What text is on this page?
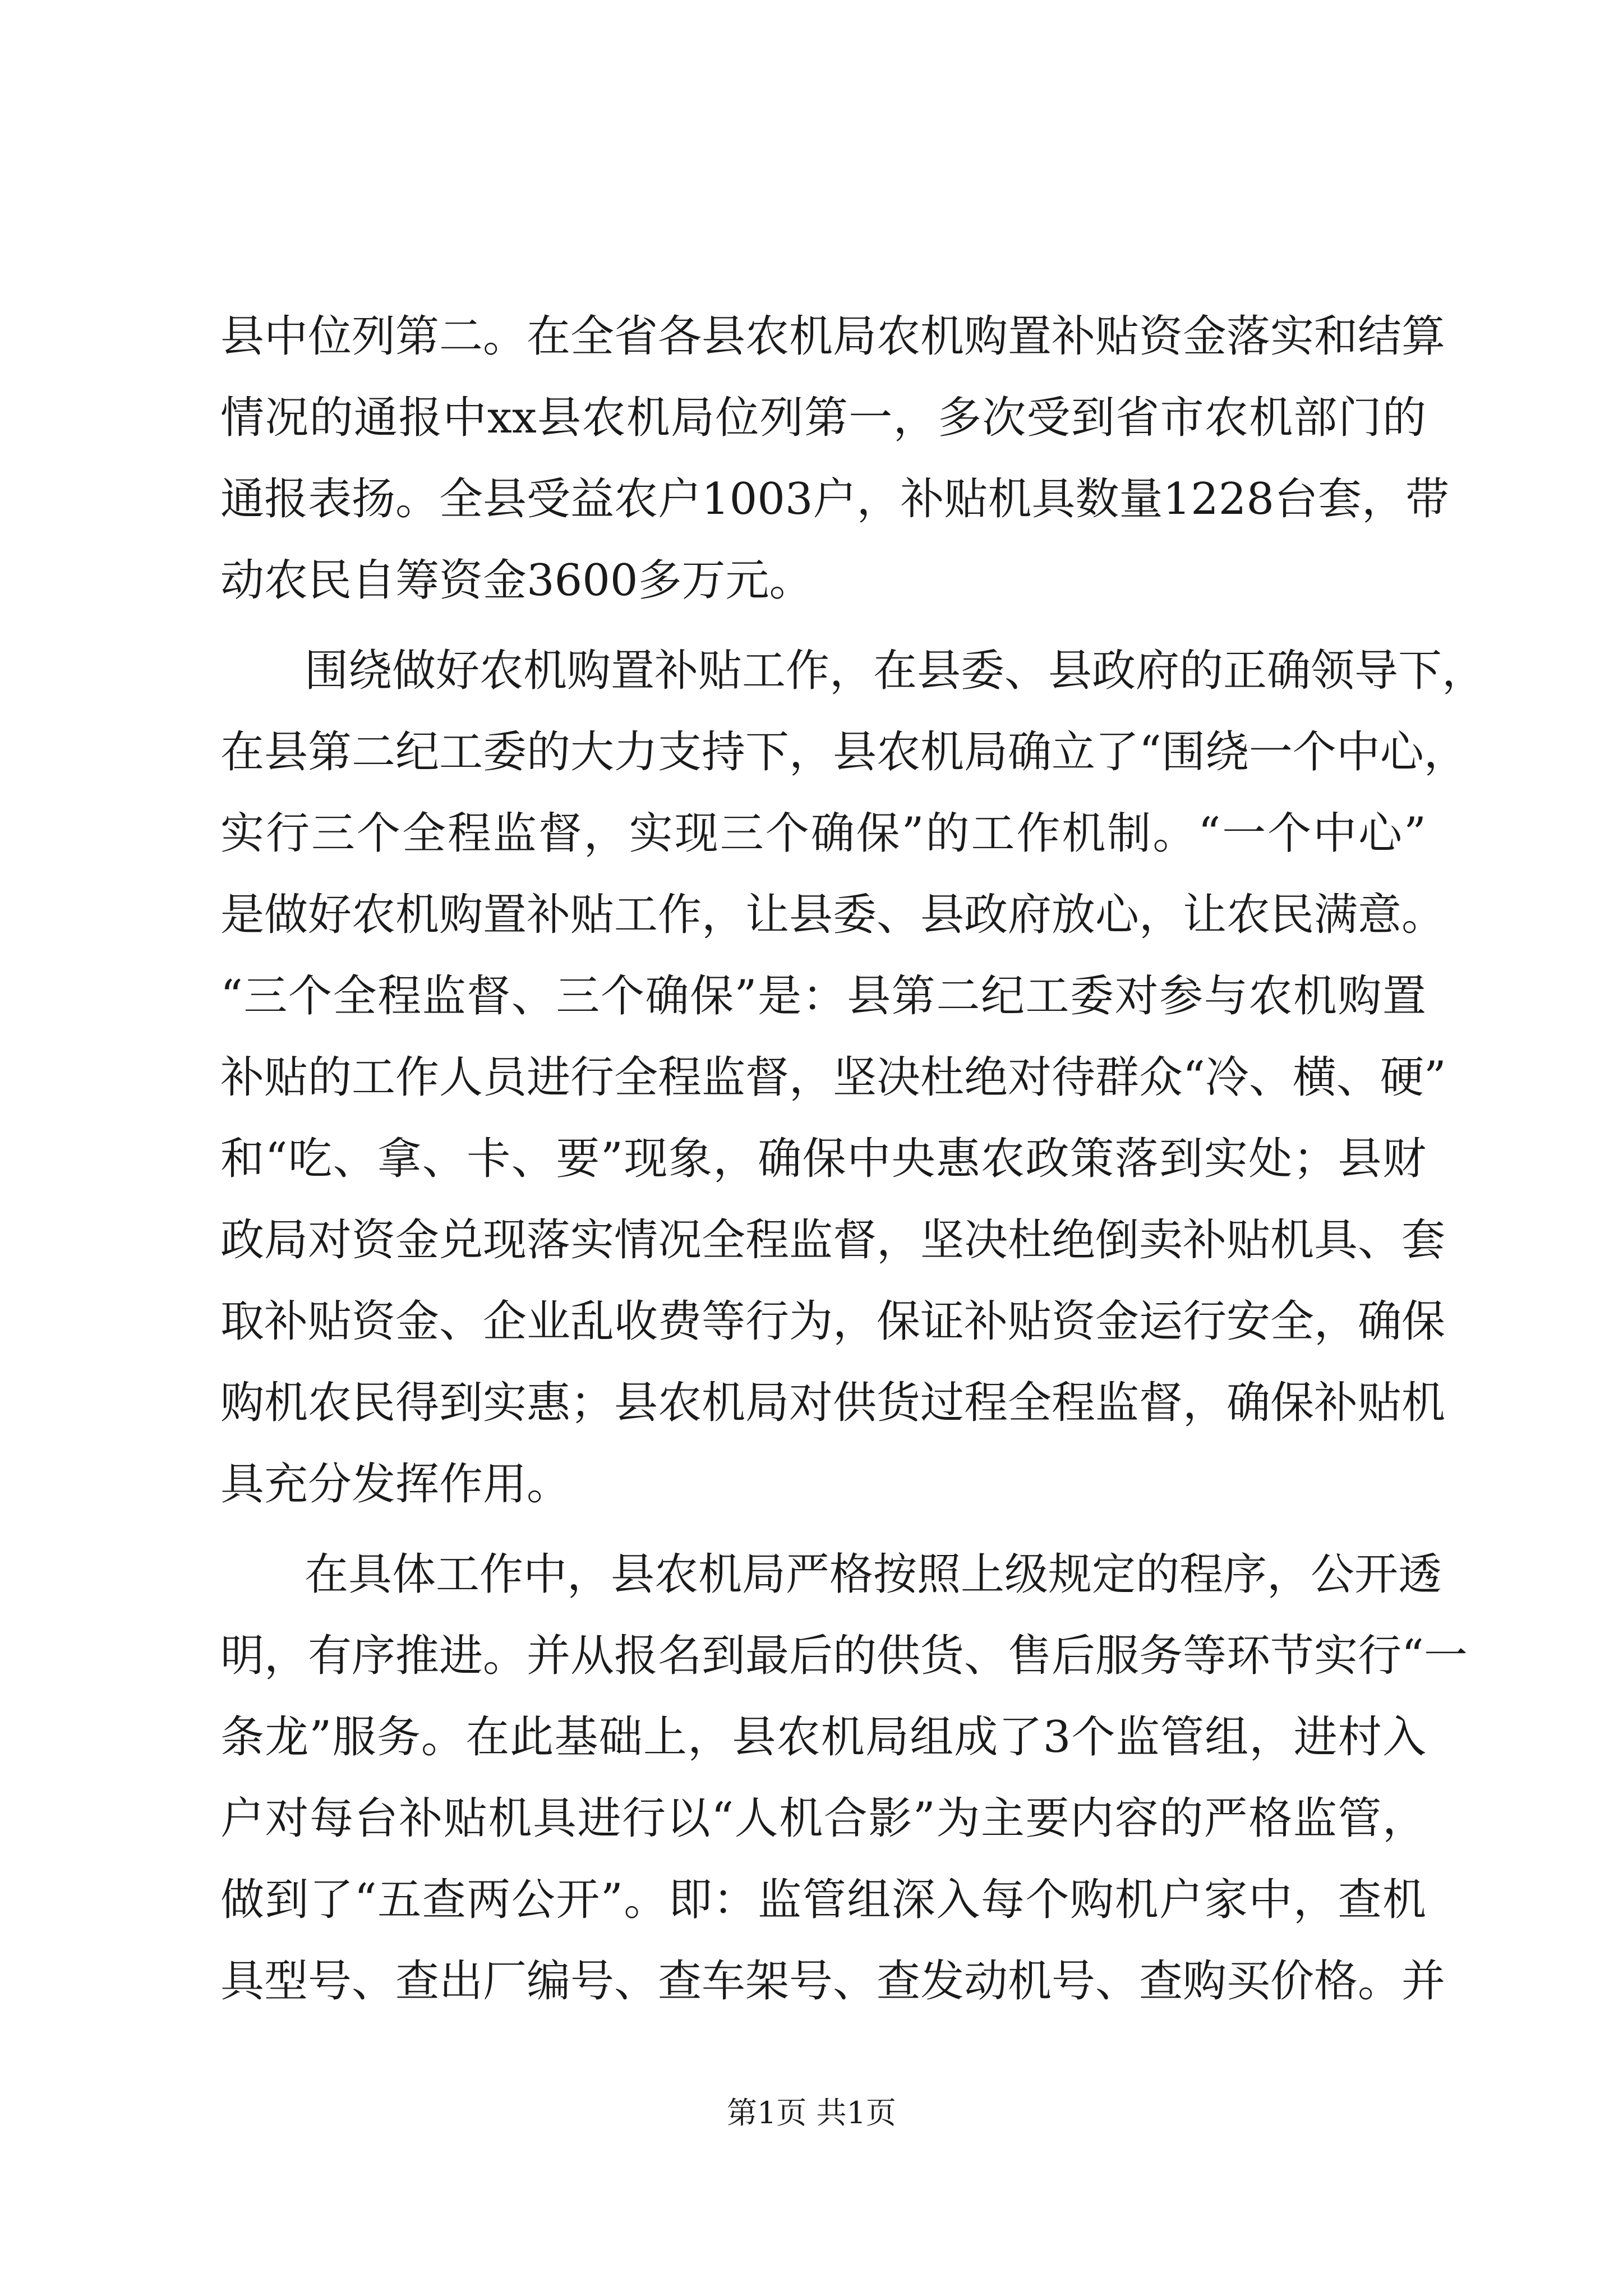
县中位列第二。在全省各县农机局农机购置补贴资金落实和结算
情况的通报中xx县农机局位列第一，多次受到省市农机部门的
通报表扬。全县受益农户1003户，补贴机具数量1228台套，带
动农民自筹资金3600多万元。
围绕做好农机购置补贴工作，在县委、县政府的正确领导下，
在县第二纪工委的大力支持下，县农机局确立了“围绕一个中心，
实行三个全程监督，实现三个确保”的工作机制。“一个中心”
是做好农机购置补贴工作，让县委、县政府放心，让农民满意。
“三个全程监督、三个确保”是：县第二纪工委对参与农机购置
补贴的工作人员进行全程监督，坚决杜绝对待群众“冷、横、硬”
和“吃、拿、卡、要”现象，确保中央惠农政策落到实处；县财
政局对资金兑现落实情况全程监督，坚决杜绝倒卖补贴机具、套
取补贴资金、企业乱收费等行为，保证补贴资金运行安全，确保
购机农民得到实惠；县农机局对供货过程全程监督，确保补贴机
具充分发挥作用。
在具体工作中，县农机局严格按照上级规定的程序，公开透
明，有序推进。并从报名到最后的供货、售后服务等环节实行“一
条龙”服务。在此基础上，县农机局组成了3个监管组，进村入
户对每台补贴机具进行以“人机合影”为主要内容的严格监管，
做到了“五查两公开”。即：监管组深入每个购机户家中，查机
具型号、查出厂编号、查车架号、查发动机号、查购买价格。并
第1页 共1页
